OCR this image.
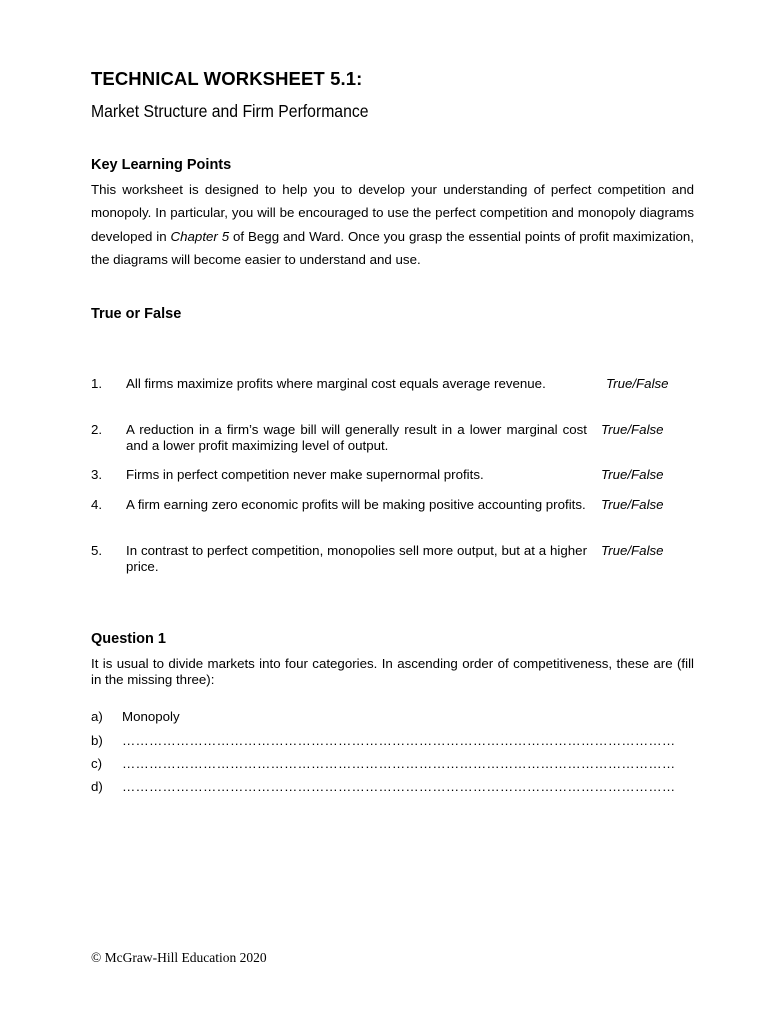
TECHNICAL WORKSHEET 5.1:
Market Structure and Firm Performance
Key Learning Points

This worksheet is designed to help you to develop your understanding of perfect competition and monopoly. In particular, you will be encouraged to use the perfect competition and monopoly diagrams developed in Chapter 5 of Begg and Ward. Once you grasp the essential points of profit maximization, the diagrams will become easier to understand and use.

True or False
1. All firms maximize profits where marginal cost equals average revenue.	True/False
2. A reduction in a firm’s wage bill will generally result in a lower marginal cost and a lower profit maximizing level of output.
True/False
3. Firms in perfect competition never make supernormal profits.	True/False
4. A firm earning zero economic profits will be making positive accounting profits. True/False
5. In contrast to perfect competition, monopolies sell more output, but at a higher price.
True/False
Question 1

It is usual to divide markets into four categories. In ascending order of competitiveness, these are (fill in the missing three):

a) Monopoly
b) ……………………………………………………………………………………………………………
c) ……………………………………………………………………………………………………………
d) ……………………………………………………………………………………………………………

© McGraw-Hill Education 2020
